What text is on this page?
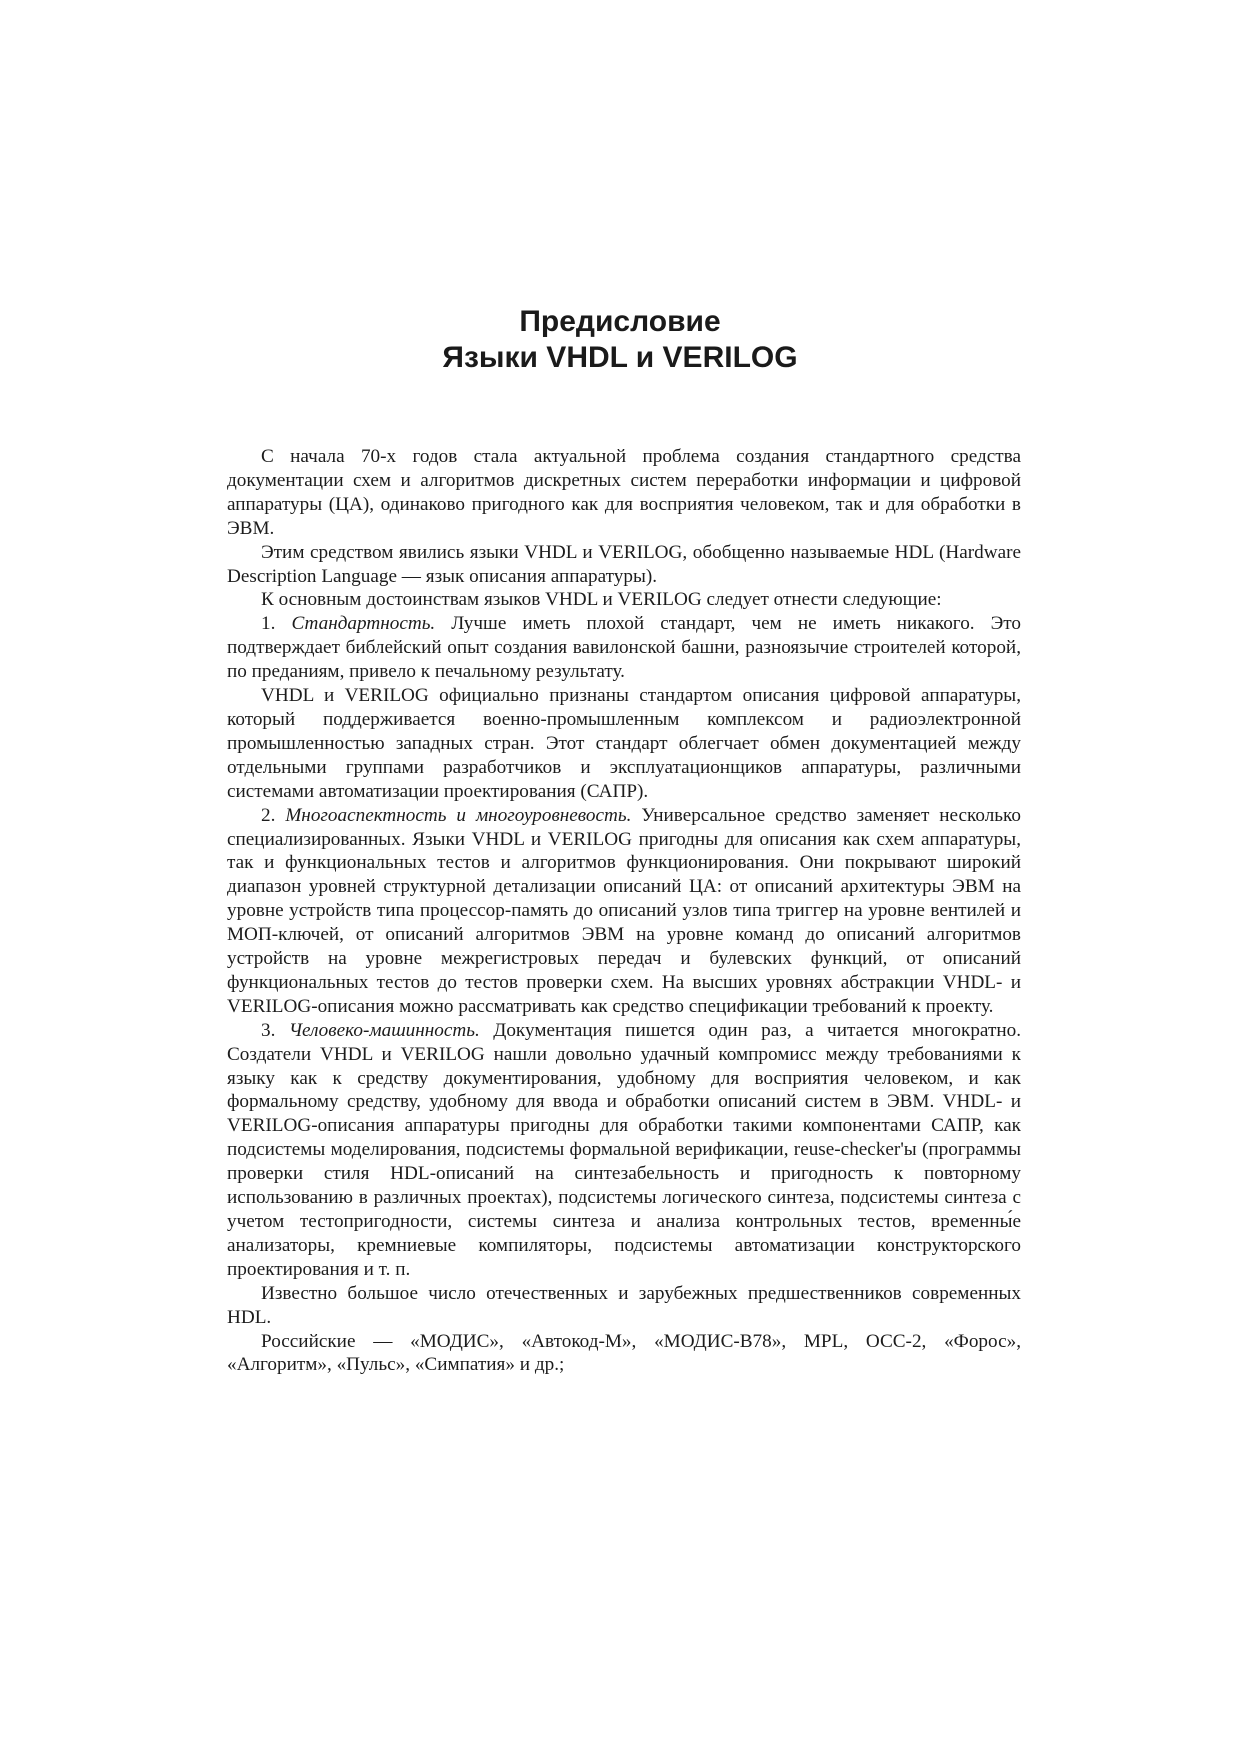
Предисловие
Языки VHDL и VERILOG

С начала 70-х годов стала актуальной проблема создания стандартного средства документации схем и алгоритмов дискретных систем переработки информации и цифровой аппаратуры (ЦА), одинаково пригодного как для восприятия человеком, так и для обработки в ЭВМ.

Этим средством явились языки VHDL и VERILOG, обобщенно называемые HDL (Hardware Description Language — язык описания аппаратуры).

К основным достоинствам языков VHDL и VERILOG следует отнести следующие:

1. Стандартность. Лучше иметь плохой стандарт, чем не иметь никакого. Это подтверждает библейский опыт создания вавилонской башни, разноязычие строителей которой, по преданиям, привело к печальному результату.

VHDL и VERILOG официально признаны стандартом описания цифровой аппаратуры, который поддерживается военно-промышленным комплексом и радиоэлектронной промышленностью западных стран. Этот стандарт облегчает обмен документацией между отдельными группами разработчиков и эксплуатационщиков аппаратуры, различными системами автоматизации проектирования (САПР).

2. Многоаспектность и многоуровневость. Универсальное средство заменяет несколько специализированных. Языки VHDL и VERILOG пригодны для описания как схем аппаратуры, так и функциональных тестов и алгоритмов функционирования. Они покрывают широкий диапазон уровней структурной детализации описаний ЦА: от описаний архитектуры ЭВМ на уровне устройств типа процессор-память до описаний узлов типа триггер на уровне вентилей и МОП-ключей, от описаний алгоритмов ЭВМ на уровне команд до описаний алгоритмов устройств на уровне межрегистровых передач и булевских функций, от описаний функциональных тестов до тестов проверки схем. На высших уровнях абстракции VHDL- и VERILOG-описания можно рассматривать как средство спецификации требований к проекту.

3. Человеко-машинность. Документация пишется один раз, а читается многократно. Создатели VHDL и VERILOG нашли довольно удачный компромисс между требованиями к языку как к средству документирования, удобному для восприятия человеком, и как формальному средству, удобному для ввода и обработки описаний систем в ЭВМ. VHDL- и VERILOG-описания аппаратуры пригодны для обработки такими компонентами САПР, как подсистемы моделирования, подсистемы формальной верификации, reuse-checker'ы (программы проверки стиля HDL-описаний на синтезабельность и пригодность к повторному использованию в различных проектах), подсистемы логического синтеза, подсистемы синтеза с учетом тестопригодности, системы синтеза и анализа контрольных тестов, временны́е анализаторы, кремниевые компиляторы, подсистемы автоматизации конструкторского проектирования и т. п.

Известно большое число отечественных и зарубежных предшественников современных HDL.

Российские — «МОДИС», «Автокод-М», «МОДИС-В78», MPL, ОСС-2, «Форос», «Алгоритм», «Пульс», «Симпатия» и др.;
